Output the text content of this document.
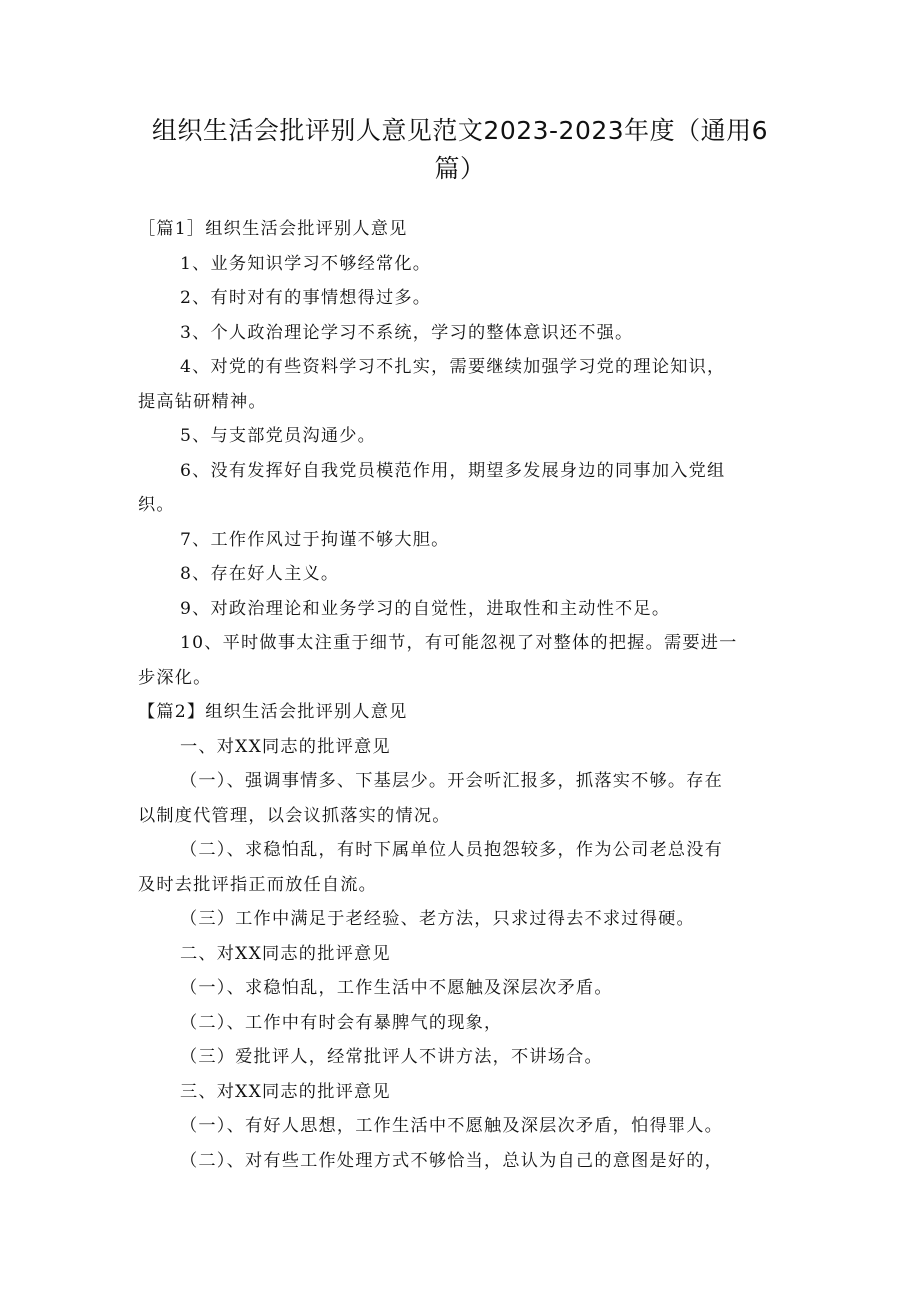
组织生活会批评别人意见范文2023-2023年度（通用6
篇）

［篇1］组织生活会批评别人意见

1、业务知识学习不够经常化。

2、有时对有的事情想得过多。

3、个人政治理论学习不系统，学习的整体意识还不强。

4、对党的有些资料学习不扎实，需要继续加强学习党的理论知识，

提高钻研精神。

5、与支部党员沟通少。

6、没有发挥好自我党员模范作用，期望多发展身边的同事加入党组

织。

7、工作作风过于拘谨不够大胆。

8、存在好人主义。

9、对政治理论和业务学习的自觉性，进取性和主动性不足。

10、平时做事太注重于细节，有可能忽视了对整体的把握。需要进一

步深化。

【篇2】组织生活会批评别人意见

一、对XX同志的批评意见

（一）、强调事情多、下基层少。开会听汇报多，抓落实不够。存在

以制度代管理，以会议抓落实的情况。

（二）、求稳怕乱，有时下属单位人员抱怨较多，作为公司老总没有

及时去批评指正而放任自流。

（三）工作中满足于老经验、老方法，只求过得去不求过得硬。

二、对XX同志的批评意见

（一）、求稳怕乱，工作生活中不愿触及深层次矛盾。

（二）、工作中有时会有暴脾气的现象，

（三）爱批评人，经常批评人不讲方法，不讲场合。

三、对XX同志的批评意见

（一）、有好人思想，工作生活中不愿触及深层次矛盾，怕得罪人。

（二）、对有些工作处理方式不够恰当，总认为自己的意图是好的，
